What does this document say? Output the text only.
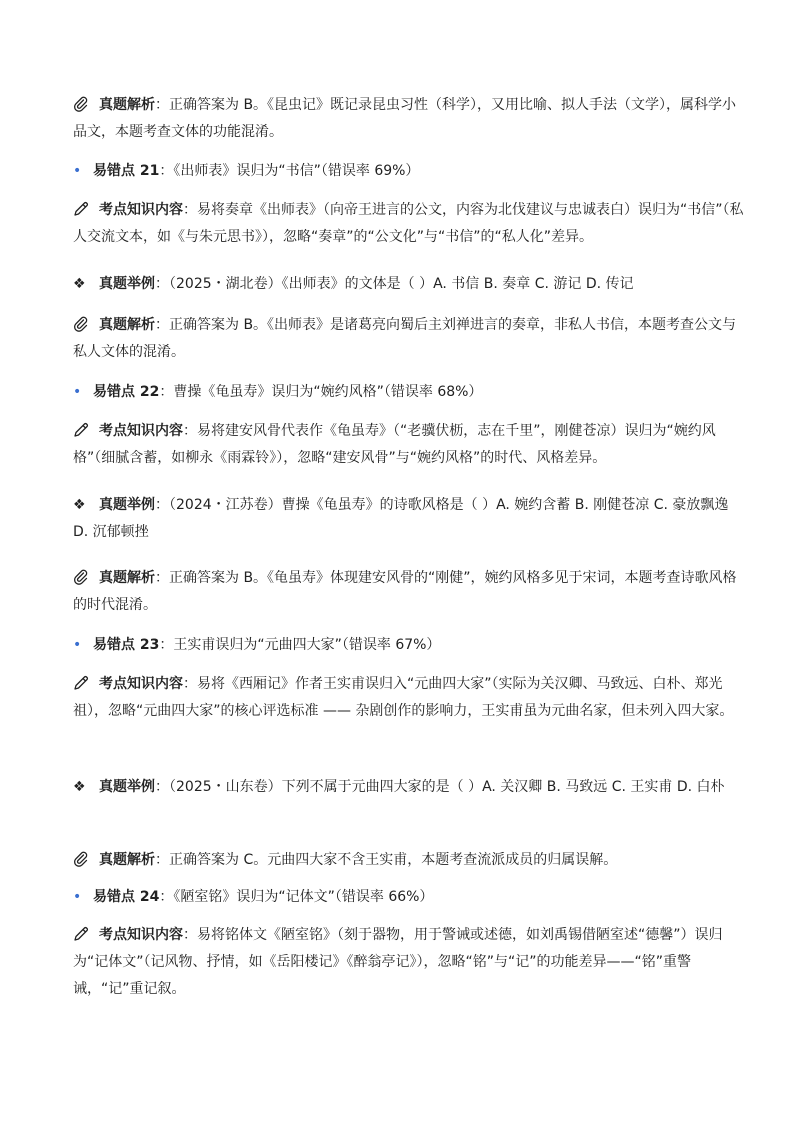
真题解析：正确答案为 B。《昆虫记》既记录昆虫习性（科学），又用比喻、拟人手法（文学），属科学小品文，本题考查文体的功能混淆。
• 易错点 21：《出师表》误归为“书信”（错误率 69%）
考点知识内容：易将奏章《出师表》（向帝王进言的公文，内容为北伐建议与忠诚表白）误归为“书信”（私人交流文本，如《与朱元思书》），忽略“奏章”的“公文化”与“书信”的“私人化”差异。
❖ 真题举例：（2025・湖北卷）《出师表》的文体是（ ）A. 书信 B. 奏章 C. 游记 D. 传记
真题解析：正确答案为 B。《出师表》是诸葛亮向蜀后主刘禅进言的奏章，非私人书信，本题考查公文与私人文体的混淆。
• 易错点 22：曹操《龟虽寿》误归为“婉约风格”（错误率 68%）
考点知识内容：易将建安风骨代表作《龟虽寿》（“老骥伏枥，志在千里”，刚健苍凉）误归为“婉约风格”（细腻含蓄，如柳永《雨霖铃》），忽略“建安风骨”与“婉约风格”的时代、风格差异。
❖ 真题举例：（2024・江苏卷）曹操《龟虽寿》的诗歌风格是（ ）A. 婉约含蓄 B. 刚健苍凉 C. 豪放飘逸 D. 沉郁顿挫
真题解析：正确答案为 B。《龟虽寿》体现建安风骨的“刚健”，婉约风格多见于宋词，本题考查诗歌风格的时代混淆。
• 易错点 23：王实甫误归为“元曲四大家”（错误率 67%）
考点知识内容：易将《西厢记》作者王实甫误归入“元曲四大家”（实际为关汉卿、马致远、白朴、郑光祖），忽略“元曲四大家”的核心评选标准 —— 杂剧创作的影响力，王实甫虽为元曲名家，但未列入四大家。
❖ 真题举例：（2025・山东卷）下列不属于元曲四大家的是（ ）A. 关汉卿 B. 马致远 C. 王实甫 D. 白朴
真题解析：正确答案为 C。元曲四大家不含王实甫，本题考查流派成员的归属误解。
• 易错点 24：《陋室铭》误归为“记体文”（错误率 66%）
考点知识内容：易将铭体文《陋室铭》（刻于器物，用于警诫或述德，如刘禹锡借陋室述“德馨”）误归为“记体文”（记风物、抒情，如《岳阳楼记》《醉翁亭记》），忽略“铭”与“记”的功能差异——“铭”重警诫，“记”重记叙。
